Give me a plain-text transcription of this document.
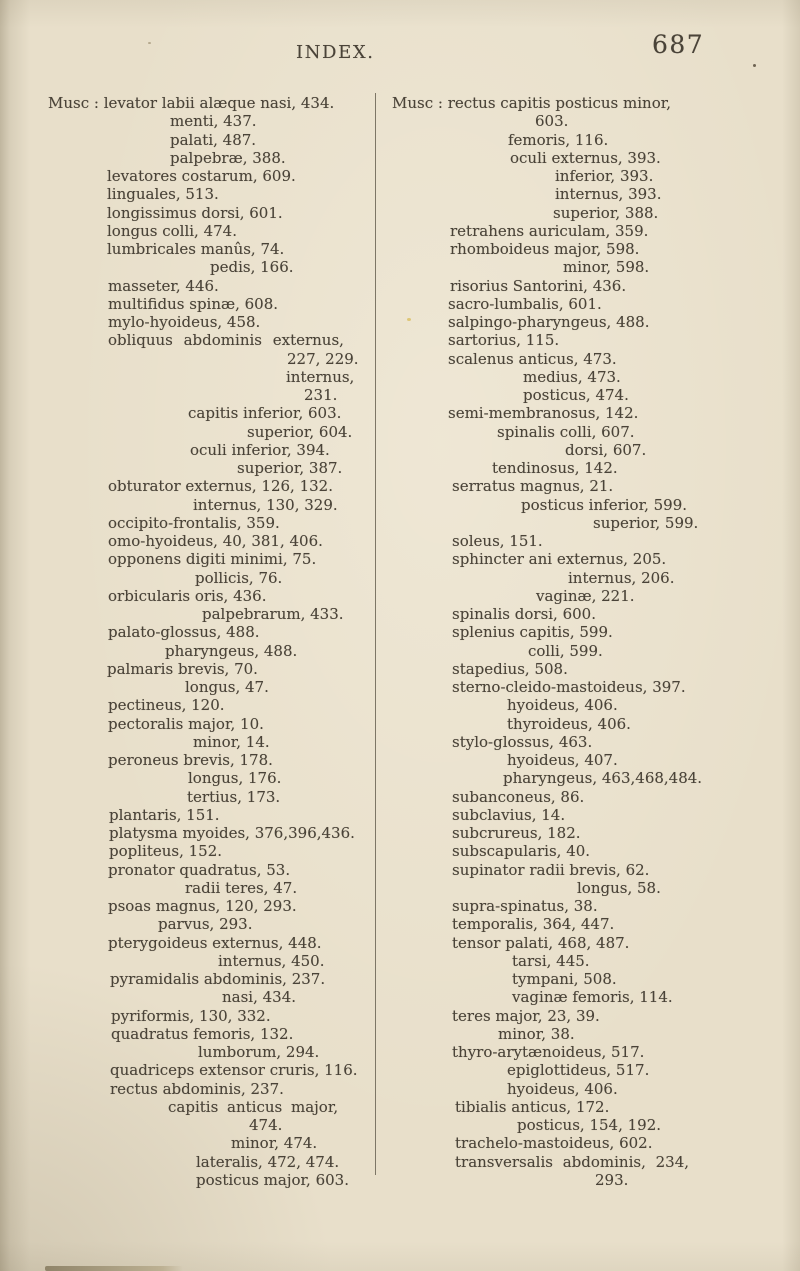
INDEX.	687
Musc : levator labii alæque nasi, 434.
menti, 437.
palati, 487.
palpebræ, 388.
levatores costarum, 609.
linguales, 513.
longissimus dorsi, 601.
longus colli, 474.
lumbricales manûs, 74.
pedis, 166.
masseter, 446.
multifidus spinæ, 608.
mylo-hyoideus, 458.
obliquus abdominis externus,
227, 229.
internus,
231.
capitis inferior, 603.
superior, 604.
oculi inferior, 394.
superior, 387.
obturator externus, 126, 132.
internus, 130, 329.
occipito-frontalis, 359.
omo-hyoideus, 40, 381, 406.
opponens digiti minimi, 75.
pollicis, 76.
orbicularis oris, 436.
palpebrarum, 433.
palato-glossus, 488.
pharyngeus, 488.
palmaris brevis, 70.
longus, 47.
pectineus, 120.
pectoralis major, 10.
minor, 14.
peroneus brevis, 178.
longus, 176.
tertius, 173.
plantaris, 151.
platysma myoides, 376,396,436.
popliteus, 152.
pronator quadratus, 53.
radii teres, 47.
psoas magnus, 120, 293.
parvus, 293.
pterygoideus externus, 448.
internus, 450.
pyramidalis abdominis, 237.
nasi, 434.
pyriformis, 130, 332.
quadratus femoris, 132.
lumborum, 294.
quadriceps extensor cruris, 116.
rectus abdominis, 237.
capitis anticus major,
474.
minor, 474.
lateralis, 472, 474.
posticus major, 603.
Musc : rectus capitis posticus minor,
603.
femoris, 116.
oculi externus, 393.
inferior, 393.
internus, 393.
superior, 388.
retrahens auriculam, 359.
rhomboideus major, 598.
minor, 598.
risorius Santorini, 436.
sacro-lumbalis, 601.
salpingo-pharyngeus, 488.
sartorius, 115.
scalenus anticus, 473.
medius, 473.
posticus, 474.
semi-membranosus, 142.
spinalis colli, 607.
dorsi, 607.
tendinosus, 142.
serratus magnus, 21.
posticus inferior, 599.
superior, 599.
soleus, 151.
sphincter ani externus, 205.
internus, 206.
vaginæ, 221.
spinalis dorsi, 600.
splenius capitis, 599.
colli, 599.
stapedius, 508.
sterno-cleido-mastoideus, 397.
hyoideus, 406.
thyroideus, 406.
stylo-glossus, 463.
hyoideus, 407.
pharyngeus, 463,468,484.
subanconeus, 86.
subclavius, 14.
subcrureus, 182.
subscapularis, 40.
supinator radii brevis, 62.
longus, 58.
supra-spinatus, 38.
temporalis, 364, 447.
tensor palati, 468, 487.
tarsi, 445.
tympani, 508.
vaginæ femoris, 114.
teres major, 23, 39.
minor, 38.
thyro-arytænoideus, 517.
epiglottideus, 517.
hyoideus, 406.
tibialis anticus, 172.
posticus, 154, 192.
trachelo-mastoideus, 602.
transversalis abdominis, 234,
293.
